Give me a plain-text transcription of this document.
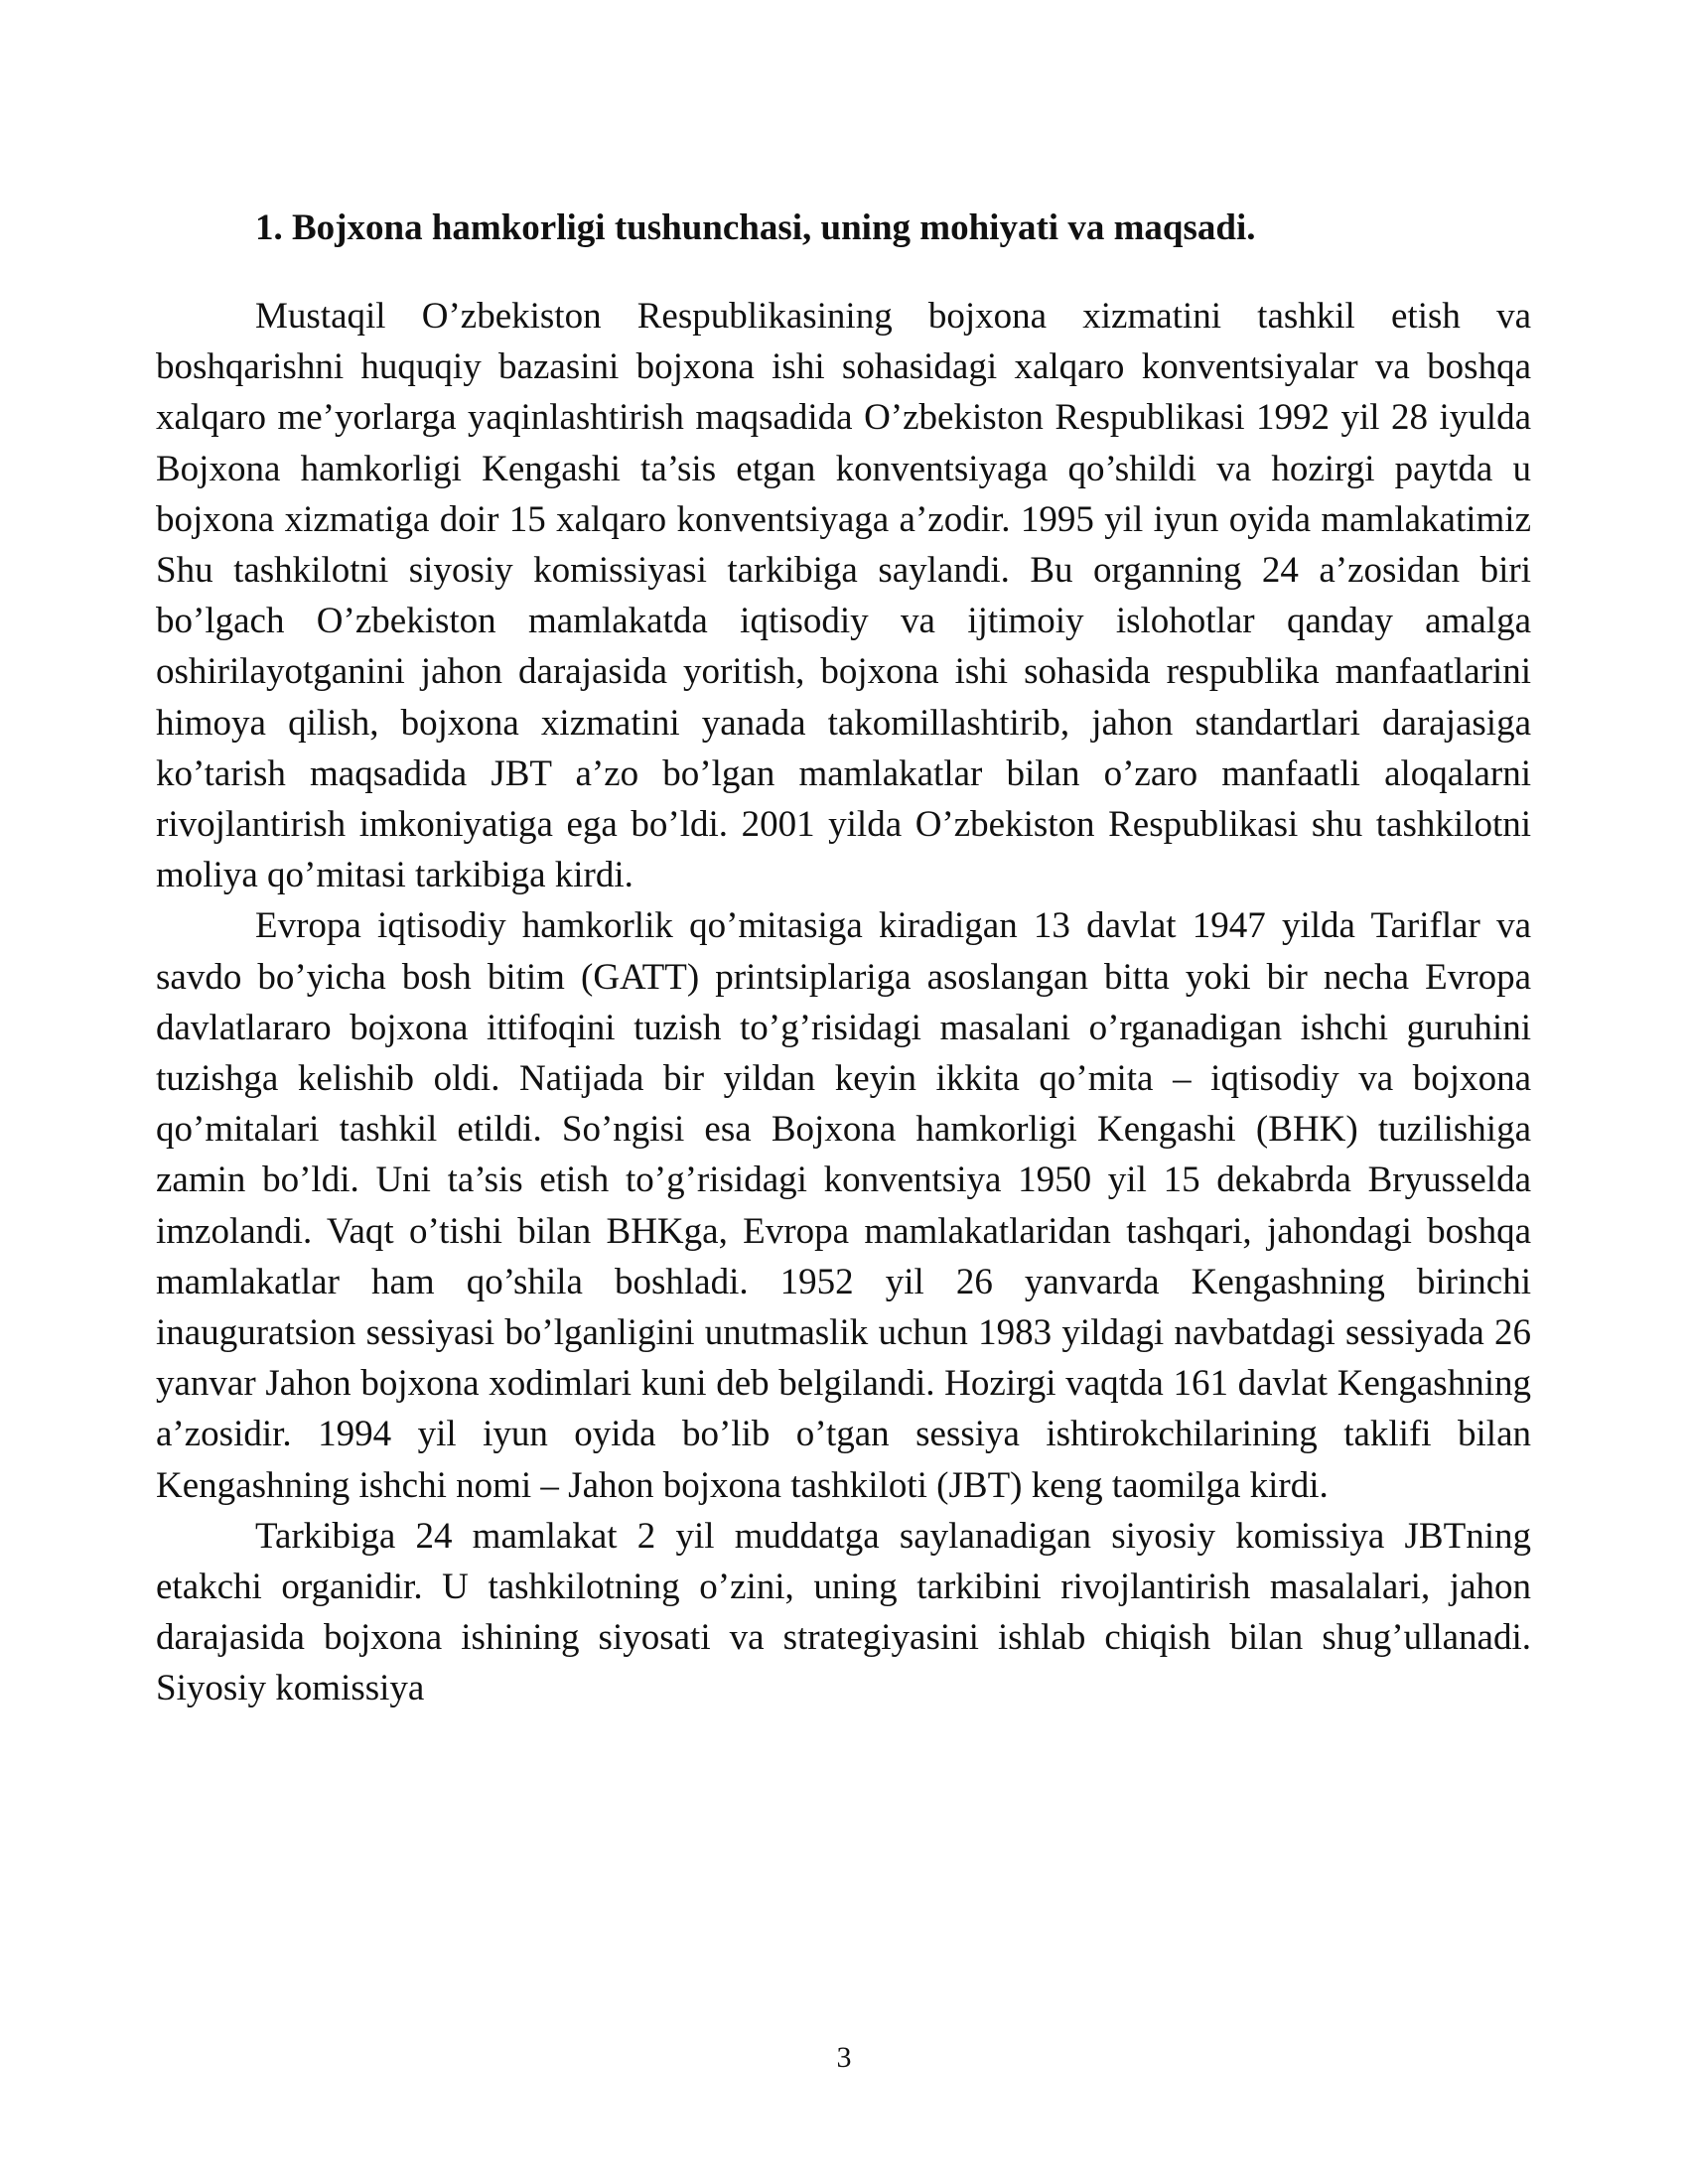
1. Bojxona hamkorligi tushunchasi, uning mohiyati va maqsadi.

Mustaqil O’zbekiston Respublikasining bojxona xizmatini tashkil etish va boshqarishni huquqiy bazasini bojxona ishi sohasidagi xalqaro konventsiyalar va boshqa xalqaro me’yorlarga yaqinlashtirish maqsadida O’zbekiston Respublikasi 1992 yil 28 iyulda Bojxona hamkorligi Kengashi ta’sis etgan konventsiyaga qo’shildi va hozirgi paytda u bojxona xizmatiga doir 15 xalqaro konventsiyaga a’zodir. 1995 yil iyun oyida mamlakatimiz Shu tashkilotni siyosiy komissiyasi tarkibiga saylandi. Bu organning 24 a’zosidan biri bo’lgach O’zbekiston mamlakatda iqtisodiy va ijtimoiy islohotlar qanday amalga oshirilayotganini jahon darajasida yoritish, bojxona ishi sohasida respublika manfaatlarini himoya qilish, bojxona xizmatini yanada takomillashtirib, jahon standartlari darajasiga ko’tarish maqsadida JBT a’zo bo’lgan mamlakatlar bilan o’zaro manfaatli aloqalarni rivojlantirish imkoniyatiga ega bo’ldi. 2001 yilda O’zbekiston Respublikasi shu tashkilotni moliya qo’mitasi tarkibiga kirdi.

Evropa iqtisodiy hamkorlik qo’mitasiga kiradigan 13 davlat 1947 yilda Tariflar va savdo bo’yicha bosh bitim (GATT) printsiplariga asoslangan bitta yoki bir necha Evropa davlatlararo bojxona ittifoqini tuzish to’g’risidagi masalani o’rganadigan ishchi guruhini tuzishga kelishib oldi. Natijada bir yildan keyin ikkita qo’mita – iqtisodiy va bojxona qo’mitalari tashkil etildi. So’ngisi esa Bojxona hamkorligi Kengashi (BHK) tuzilishiga zamin bo’ldi. Uni ta’sis etish to’g’risidagi konventsiya 1950 yil 15 dekabrda Bryusselda imzolandi. Vaqt o’tishi bilan BHKga, Evropa mamlakatlaridan tashqari, jahondagi boshqa mamlakatlar ham qo’shila boshladi. 1952 yil 26 yanvarda Kengashning birinchi inauguratsion sessiyasi bo’lganligini unutmaslik uchun 1983 yildagi navbatdagi sessiyada 26 yanvar Jahon bojxona xodimlari kuni deb belgilandi. Hozirgi vaqtda 161 davlat Kengashning a’zosidir. 1994 yil iyun oyida bo’lib o’tgan sessiya ishtirokchilarining taklifi bilan Kengashning ishchi nomi – Jahon bojxona tashkiloti (JBT) keng taomilga kirdi.

Tarkibiga 24 mamlakat 2 yil muddatga saylanadigan siyosiy komissiya JBTning etakchi organidir. U tashkilotning o’zini, uning tarkibini rivojlantirish masalalari, jahon darajasida bojxona ishining siyosati va strategiyasini ishlab chiqish bilan shug’ullanadi. Siyosiy komissiya

3
